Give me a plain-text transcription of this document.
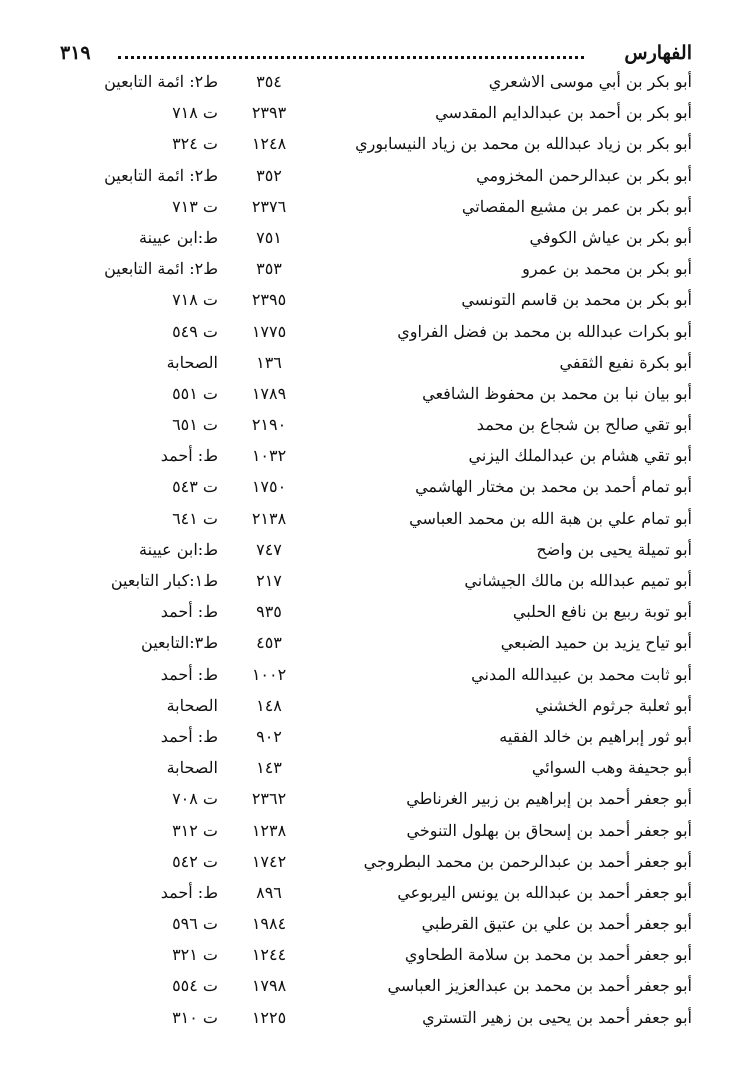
الفهارس
٣١٩
أبو بكر بن أبي موسى الاشعري
٣٥٤
ط٢: ائمة التابعين
أبو بكر بن أحمد بن عبدالدايم المقدسي
٢٣٩٣
ت ٧١٨
أبو بكر بن زياد عبدالله بن محمد بن زياد النيسابوري
١٢٤٨
ت ٣٢٤
أبو بكر بن عبدالرحمن المخزومي
٣٥٢
ط٢: ائمة التابعين
أبو بكر بن عمر بن مشيع المقصاتي
٢٣٧٦
ت ٧١٣
أبو بكر بن عياش الكوفي
٧٥١
ط:ابن عيينة
أبو بكر بن محمد بن عمرو
٣٥٣
ط٢: ائمة التابعين
أبو بكر بن محمد بن قاسم التونسي
٢٣٩٥
ت ٧١٨
أبو بكرات عبدالله بن محمد بن فضل الفراوي
١٧٧٥
ت ٥٤٩
أبو بكرة نفيع الثقفي
١٣٦
الصحابة
أبو بيان نبا بن محمد بن محفوظ الشافعي
١٧٨٩
ت ٥٥١
أبو تقي صالح بن شجاع بن محمد
٢١٩٠
ت ٦٥١
أبو تقي هشام بن عبدالملك اليزني
١٠٣٢
ط: أحمد
أبو تمام أحمد بن محمد بن مختار الهاشمي
١٧٥٠
ت ٥٤٣
أبو تمام علي بن هبة الله بن محمد العباسي
٢١٣٨
ت ٦٤١
أبو تميلة يحيى بن واضح
٧٤٧
ط:ابن عيينة
أبو تميم عبدالله بن مالك الجيشاني
٢١٧
ط١:كبار التابعين
أبو توبة ربيع بن نافع الحلبي
٩٣٥
ط: أحمد
أبو تياح يزيد بن حميد الضبعي
٤٥٣
ط٣:التابعين
أبو ثابت محمد بن عبيدالله المدني
١٠٠٢
ط: أحمد
أبو ثعلبة جرثوم الخشني
١٤٨
الصحابة
أبو ثور إبراهيم بن خالد الفقيه
٩٠٢
ط: أحمد
أبو جحيفة وهب السوائي
١٤٣
الصحابة
أبو جعفر أحمد بن إبراهيم بن زبير الغرناطي
٢٣٦٢
ت ٧٠٨
أبو جعفر أحمد بن إسحاق بن بهلول التنوخي
١٢٣٨
ت ٣١٢
أبو جعفر أحمد بن عبدالرحمن بن محمد البطروجي
١٧٤٢
ت ٥٤٢
أبو جعفر أحمد بن عبدالله بن يونس اليربوعي
٨٩٦
ط: أحمد
أبو جعفر أحمد بن علي بن عتيق القرطبي
١٩٨٤
ت ٥٩٦
أبو جعفر أحمد بن محمد بن سلامة الطحاوي
١٢٤٤
ت ٣٢١
أبو جعفر أحمد بن محمد بن عبدالعزيز العباسي
١٧٩٨
ت ٥٥٤
أبو جعفر أحمد بن يحيى بن زهير التستري
١٢٢٥
ت ٣١٠
